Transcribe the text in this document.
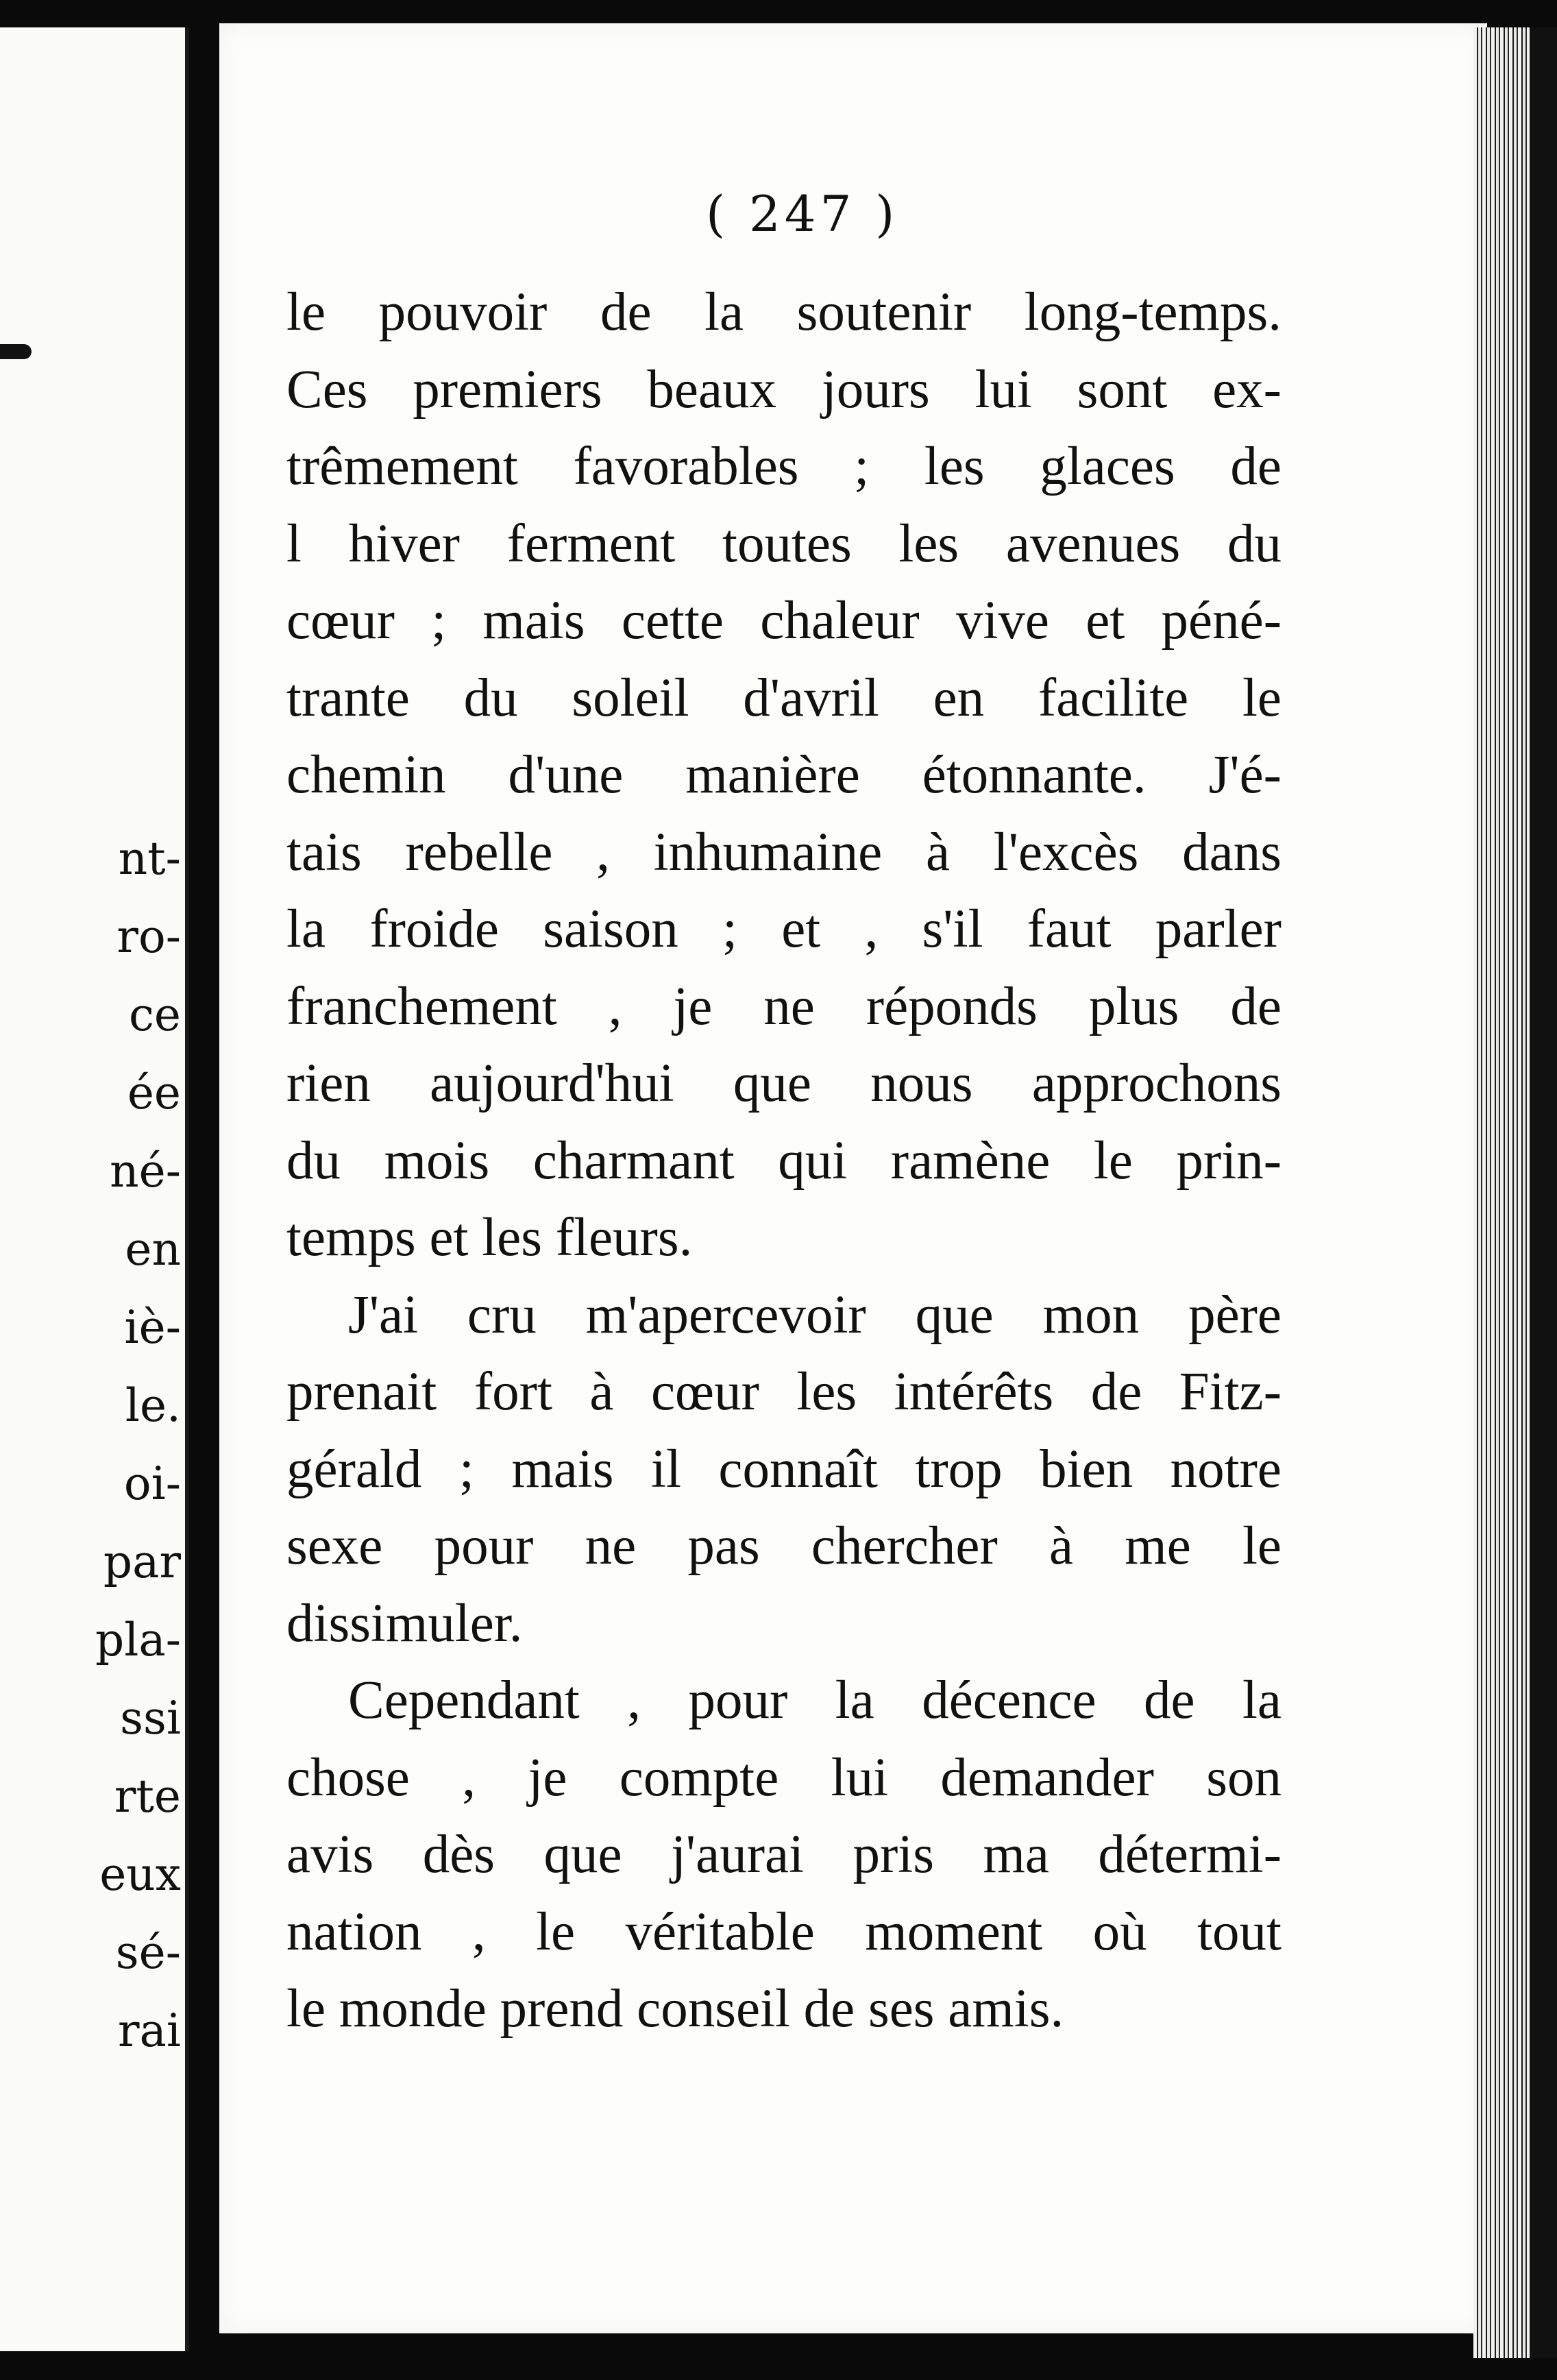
nt-
ro-
ce
ée
né-
en
iè-
le.
oi-
par
pla-
ssi
rte
eux
sé-
rai
( 247 )
le pouvoir de la soutenir long-temps.
Ces premiers beaux jours lui sont ex-
trêmement favorables ; les glaces de
l hiver ferment toutes les avenues du
cœur ; mais cette chaleur vive et péné-
trante du soleil d'avril en facilite le
chemin d'une manière étonnante. J'é-
tais rebelle , inhumaine à l'excès dans
la froide saison ; et , s'il faut parler
franchement , je ne réponds plus de
rien aujourd'hui que nous approchons
du mois charmant qui ramène le prin-
temps et les fleurs.
J'ai cru m'apercevoir que mon père
prenait fort à cœur les intérêts de Fitz-
gérald ; mais il connaît trop bien notre
sexe pour ne pas chercher à me le
dissimuler.
Cependant , pour la décence de la
chose , je compte lui demander son
avis dès que j'aurai pris ma détermi-
nation , le véritable moment où tout
le monde prend conseil de ses amis.
